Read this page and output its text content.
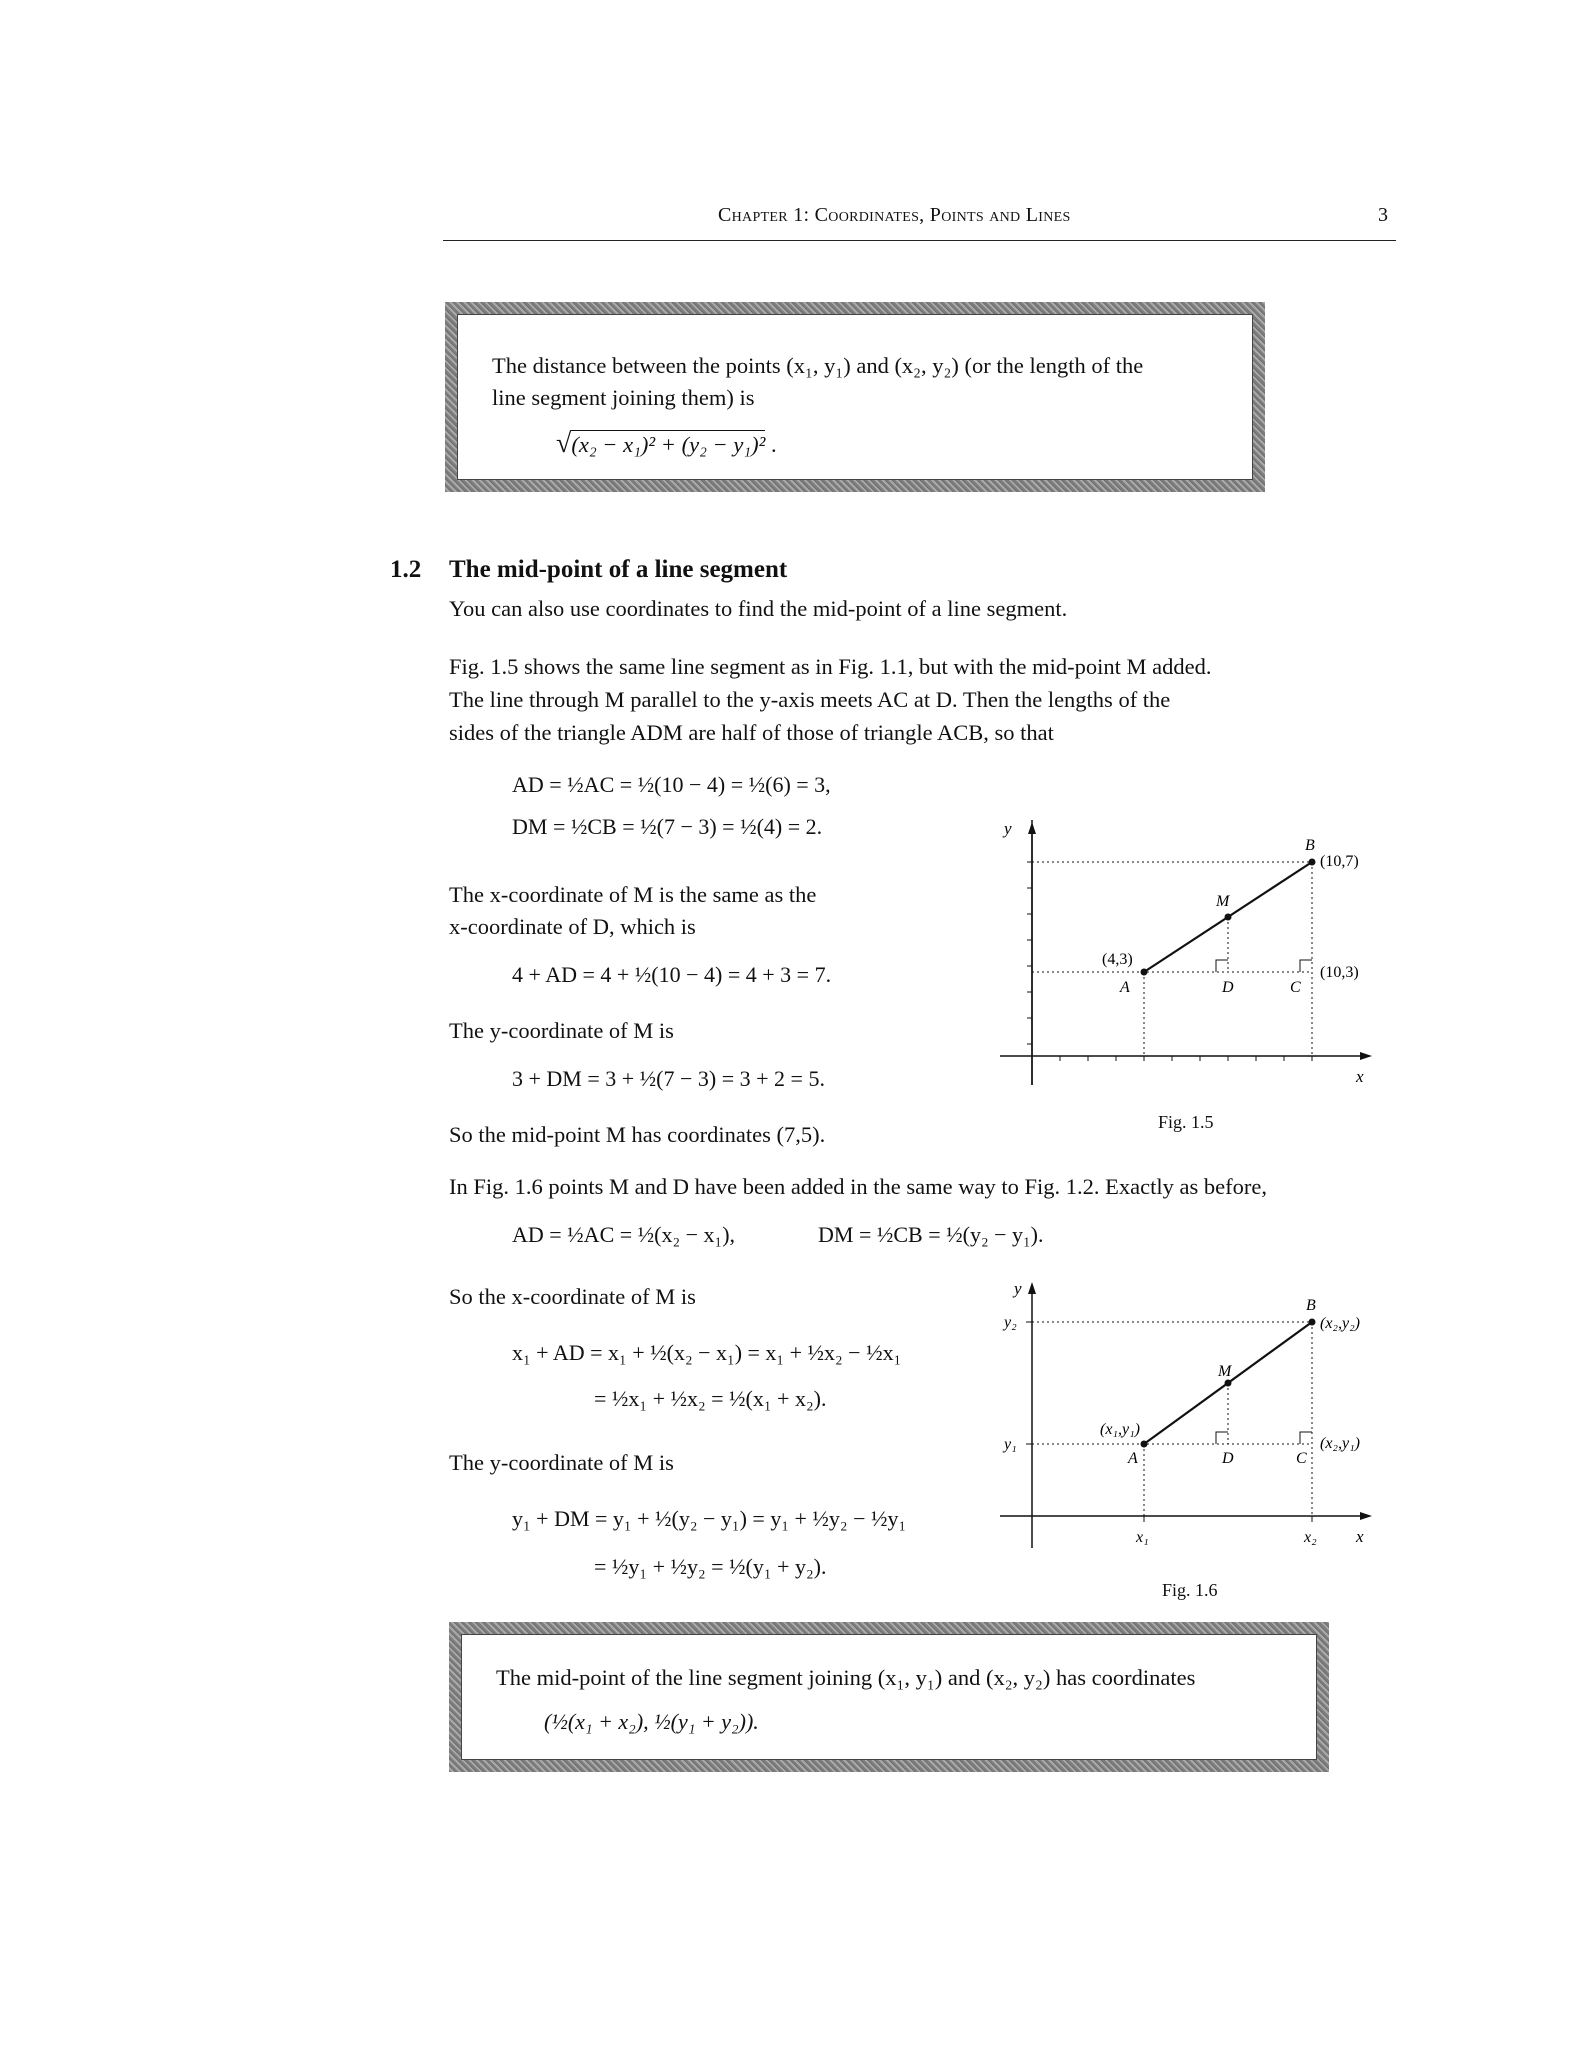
Chapter 1: Coordinates, Points and Lines	3
The distance between the points (x₁, y₁) and (x₂, y₂) (or the length of the
line segment joining them) is
√(x₂ − x₁)² + (y₂ − y₁)² .
1.2 The mid-point of a line segment
You can also use coordinates to find the mid-point of a line segment.
Fig. 1.5 shows the same line segment as in Fig. 1.1, but with the mid-point M added.
The line through M parallel to the y-axis meets AC at D. Then the lengths of the
sides of the triangle ADM are half of those of triangle ACB, so that
AD = ½AC = ½(10 − 4) = ½(6) = 3,
DM = ½CB = ½(7 − 3) = ½(4) = 2.
The x-coordinate of M is the same as the
x-coordinate of D, which is
4 + AD = 4 + ½(10 − 4) = 4 + 3 = 7.
The y-coordinate of M is
3 + DM = 3 + ½(7 − 3) = 3 + 2 = 5.
So the mid-point M has coordinates (7,5).
y
x
B
(10,7)
M
(4,3)
A	D	C
(10,3)
Fig. 1.5
In Fig. 1.6 points M and D have been added in the same way to Fig. 1.2. Exactly as before,
AD = ½AC = ½(x₂ − x₁),	DM = ½CB = ½(y₂ − y₁).
So the x-coordinate of M is
x₁ + AD = x₁ + ½(x₂ − x₁) = x₁ + ½x₂ − ½x₁
= ½x₁ + ½x₂ = ½(x₁ + x₂).
The y-coordinate of M is
y₁ + DM = y₁ + ½(y₂ − y₁) = y₁ + ½y₂ − ½y₁
= ½y₁ + ½y₂ = ½(y₁ + y₂).
y
x
y₂
y₁
x₁	x₂
B
(x₂,y₂)
M
(x₁,y₁)
A	D	C
(x₂,y₁)
Fig. 1.6
The mid-point of the line segment joining (x₁, y₁) and (x₂, y₂) has coordinates
(½(x₁ + x₂), ½(y₁ + y₂)).
